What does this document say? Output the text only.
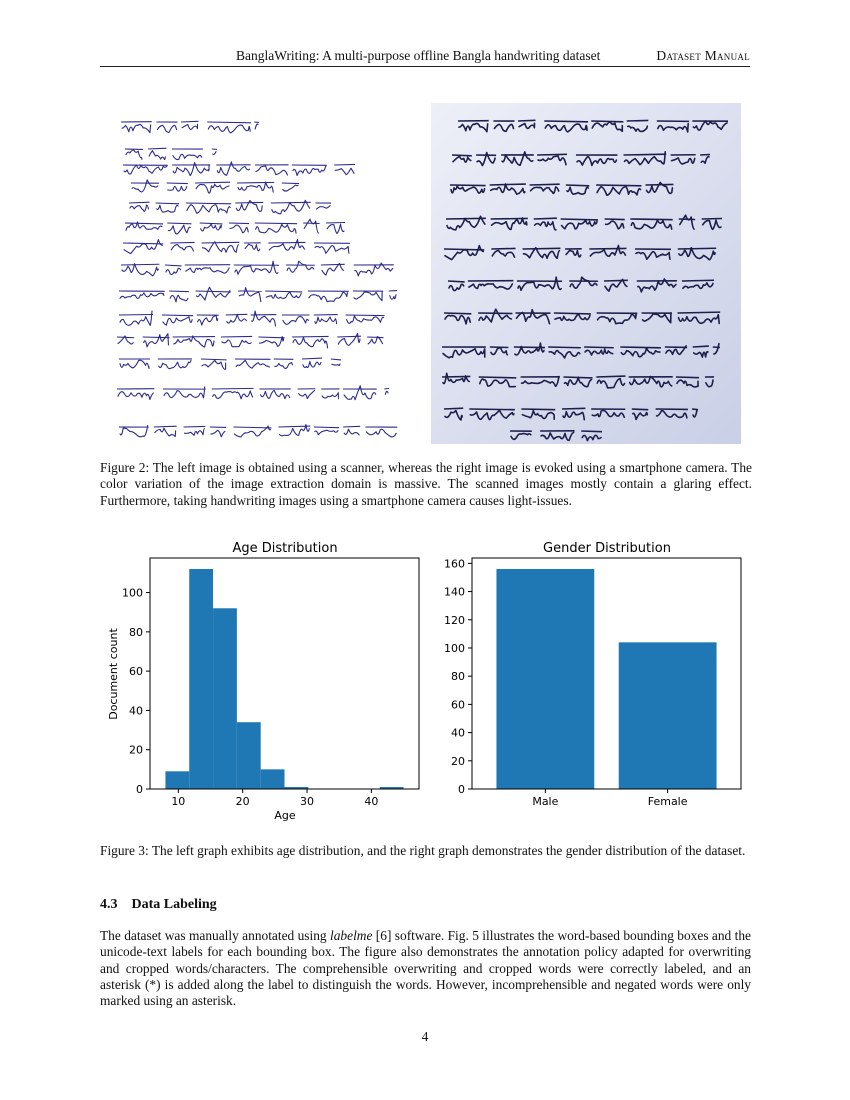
BanglaWriting: A multi-purpose offline Bangla handwriting dataset	Dataset Manual
Figure 2: The left image is obtained using a scanner, whereas the right image is evoked using a smartphone camera. The color variation of the image extraction domain is massive. The scanned images mostly contain a glaring effect. Furthermore, taking handwriting images using a smartphone camera causes light-issues.
Age Distribution
0
20
40
60
80
100
10	20	30	40
Age
Document count
Gender Distribution
0
20
40
60
80
100
120
140
160
Male	Female
Figure 3: The left graph exhibits age distribution, and the right graph demonstrates the gender distribution of the dataset.
4.3 Data Labeling
The dataset was manually annotated using labelme [6] software. Fig. 5 illustrates the word-based bounding boxes and the unicode-text labels for each bounding box. The figure also demonstrates the annotation policy adapted for overwriting and cropped words/characters. The comprehensible overwriting and cropped words were correctly labeled, and an asterisk (*) is added along the label to distinguish the words. However, incomprehensible and negated words were only marked using an asterisk.
4
